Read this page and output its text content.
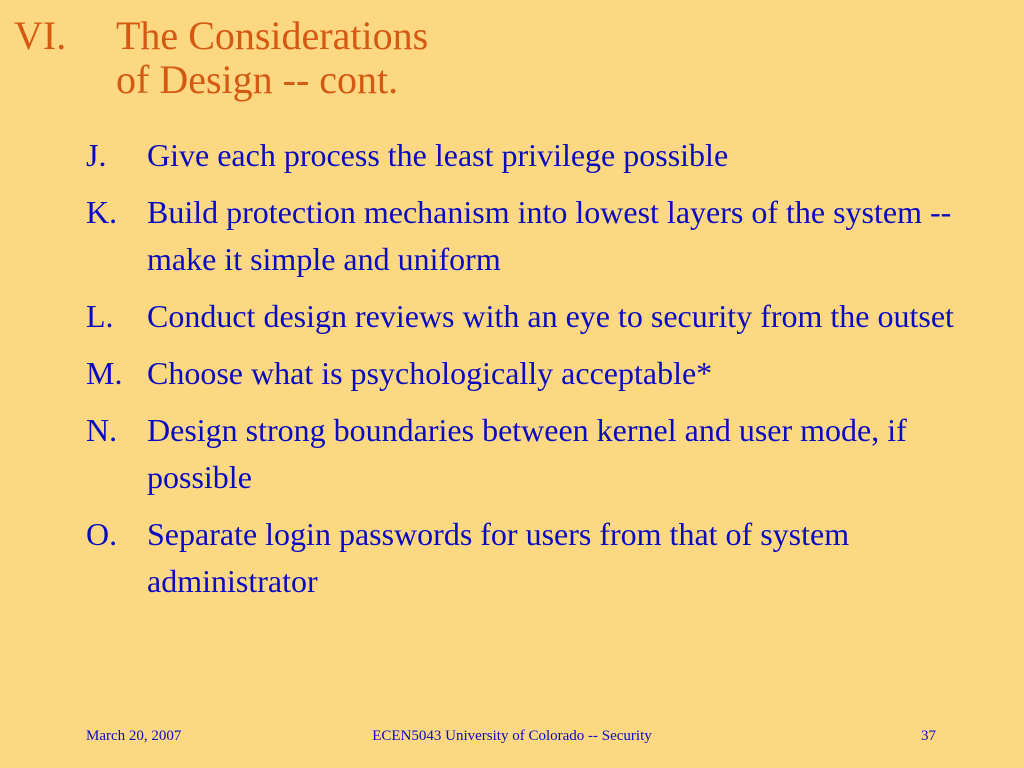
VI.	The Considerations
of Design -- cont.
J. Give each process the least privilege possible
K. Build protection mechanism into lowest layers of the system -- make it simple and uniform
L. Conduct design reviews with an eye to security from the outset
M. Choose what is psychologically acceptable*
N. Design strong boundaries between kernel and user mode, if possible
O. Separate login passwords for users from that of system administrator
March 20, 2007	ECEN5043 University of Colorado -- Security	37
